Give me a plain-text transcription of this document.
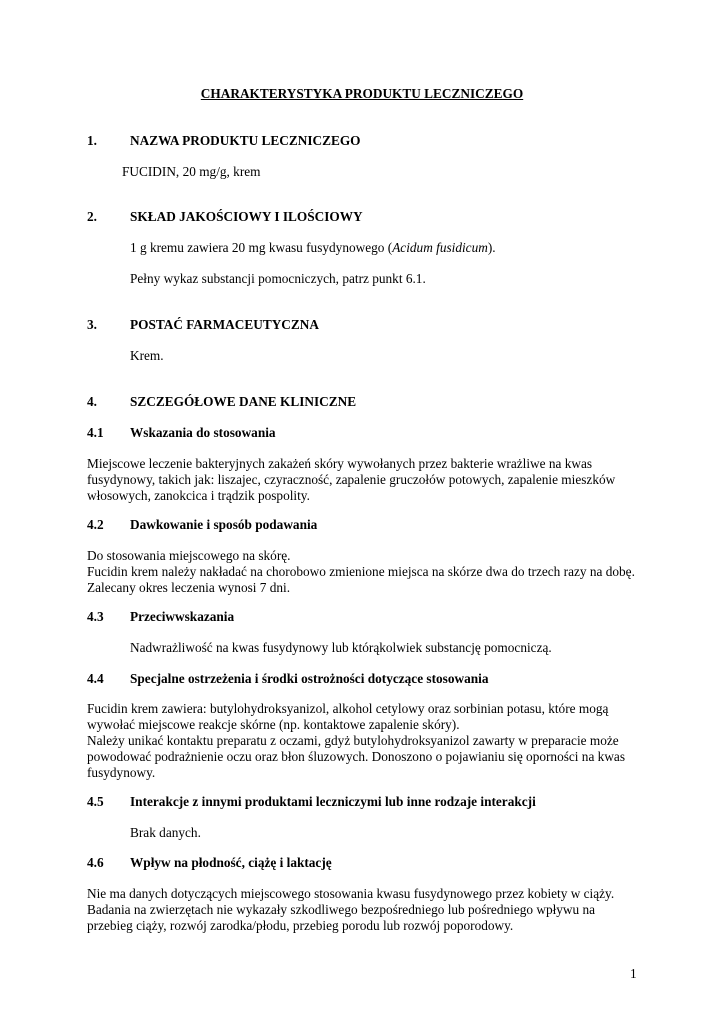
CHARAKTERYSTYKA PRODUKTU LECZNICZEGO
1. NAZWA PRODUKTU LECZNICZEGO
FUCIDIN, 20 mg/g, krem
2. SKŁAD JAKOŚCIOWY I ILOŚCIOWY
1 g kremu zawiera 20 mg kwasu fusydynowego (Acidum fusidicum).
Pełny wykaz substancji pomocniczych, patrz punkt 6.1.
3. POSTAĆ FARMACEUTYCZNA
Krem.
4. SZCZEGÓŁOWE DANE KLINICZNE
4.1 Wskazania do stosowania

Miejscowe leczenie bakteryjnych zakażeń skóry wywołanych przez bakterie wrażliwe na kwas

fusydynowy, takich jak: liszajec, czyraczność, zapalenie gruczołów potowych, zapalenie mieszków

włosowych, zanokcica i trądzik pospolity.

4.2 Dawkowanie i sposób podawania

Do stosowania miejscowego na skórę.

Fucidin krem należy nakładać na chorobowo zmienione miejsca na skórze dwa do trzech razy na dobę.

Zalecany okres leczenia wynosi 7 dni.

4.3 Przeciwwskazania
Nadwrażliwość na kwas fusydynowy lub którąkolwiek substancję pomocniczą.
4.4 Specjalne ostrzeżenia i środki ostrożności dotyczące stosowania

Fucidin krem zawiera: butylohydroksyanizol, alkohol cetylowy oraz sorbinian potasu, które mogą

wywołać miejscowe reakcje skórne (np. kontaktowe zapalenie skóry).

Należy unikać kontaktu preparatu z oczami, gdyż butylohydroksyanizol zawarty w preparacie może

powodować podrażnienie oczu oraz błon śluzowych. Donoszono o pojawianiu się oporności na kwas

fusydynowy.

4.5 Interakcje z innymi produktami leczniczymi lub inne rodzaje interakcji
Brak danych.
4.6 Wpływ na płodność, ciążę i laktację

Nie ma danych dotyczących miejscowego stosowania kwasu fusydynowego przez kobiety w ciąży.

Badania na zwierzętach nie wykazały szkodliwego bezpośredniego lub pośredniego wpływu na

przebieg ciąży, rozwój zarodka/płodu, przebieg porodu lub rozwój poporodowy.

1
